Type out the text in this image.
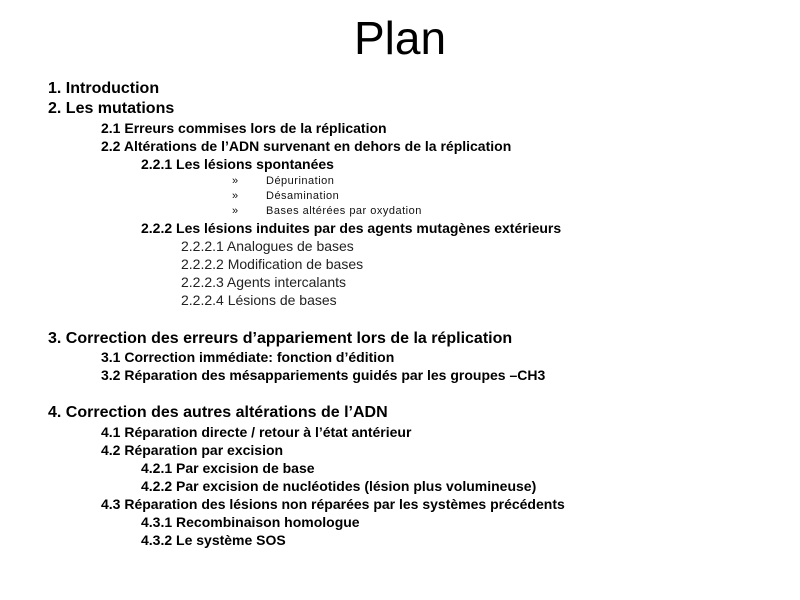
Plan
1. Introduction
2. Les mutations
2.1 Erreurs commises lors de la réplication
2.2 Altérations de l’ADN survenant en dehors de la réplication
2.2.1 Les lésions spontanées
»	Dépurination
»	Désamination
»	Bases altérées par oxydation
2.2.2 Les lésions induites par des agents mutagènes extérieurs
2.2.2.1 Analogues de bases
2.2.2.2 Modification de bases
2.2.2.3 Agents intercalants
2.2.2.4 Lésions de bases
3. Correction des erreurs d’appariement lors de la réplication
3.1 Correction immédiate: fonction d’édition
3.2 Réparation des mésappariements guidés par les groupes –CH3
4. Correction des autres altérations de l’ADN
4.1 Réparation directe / retour à l’état antérieur
4.2 Réparation par excision
4.2.1 Par excision de base
4.2.2 Par excision de nucléotides (lésion plus volumineuse)
4.3 Réparation des lésions non réparées par les systèmes précédents
4.3.1 Recombinaison homologue
4.3.2 Le système SOS
